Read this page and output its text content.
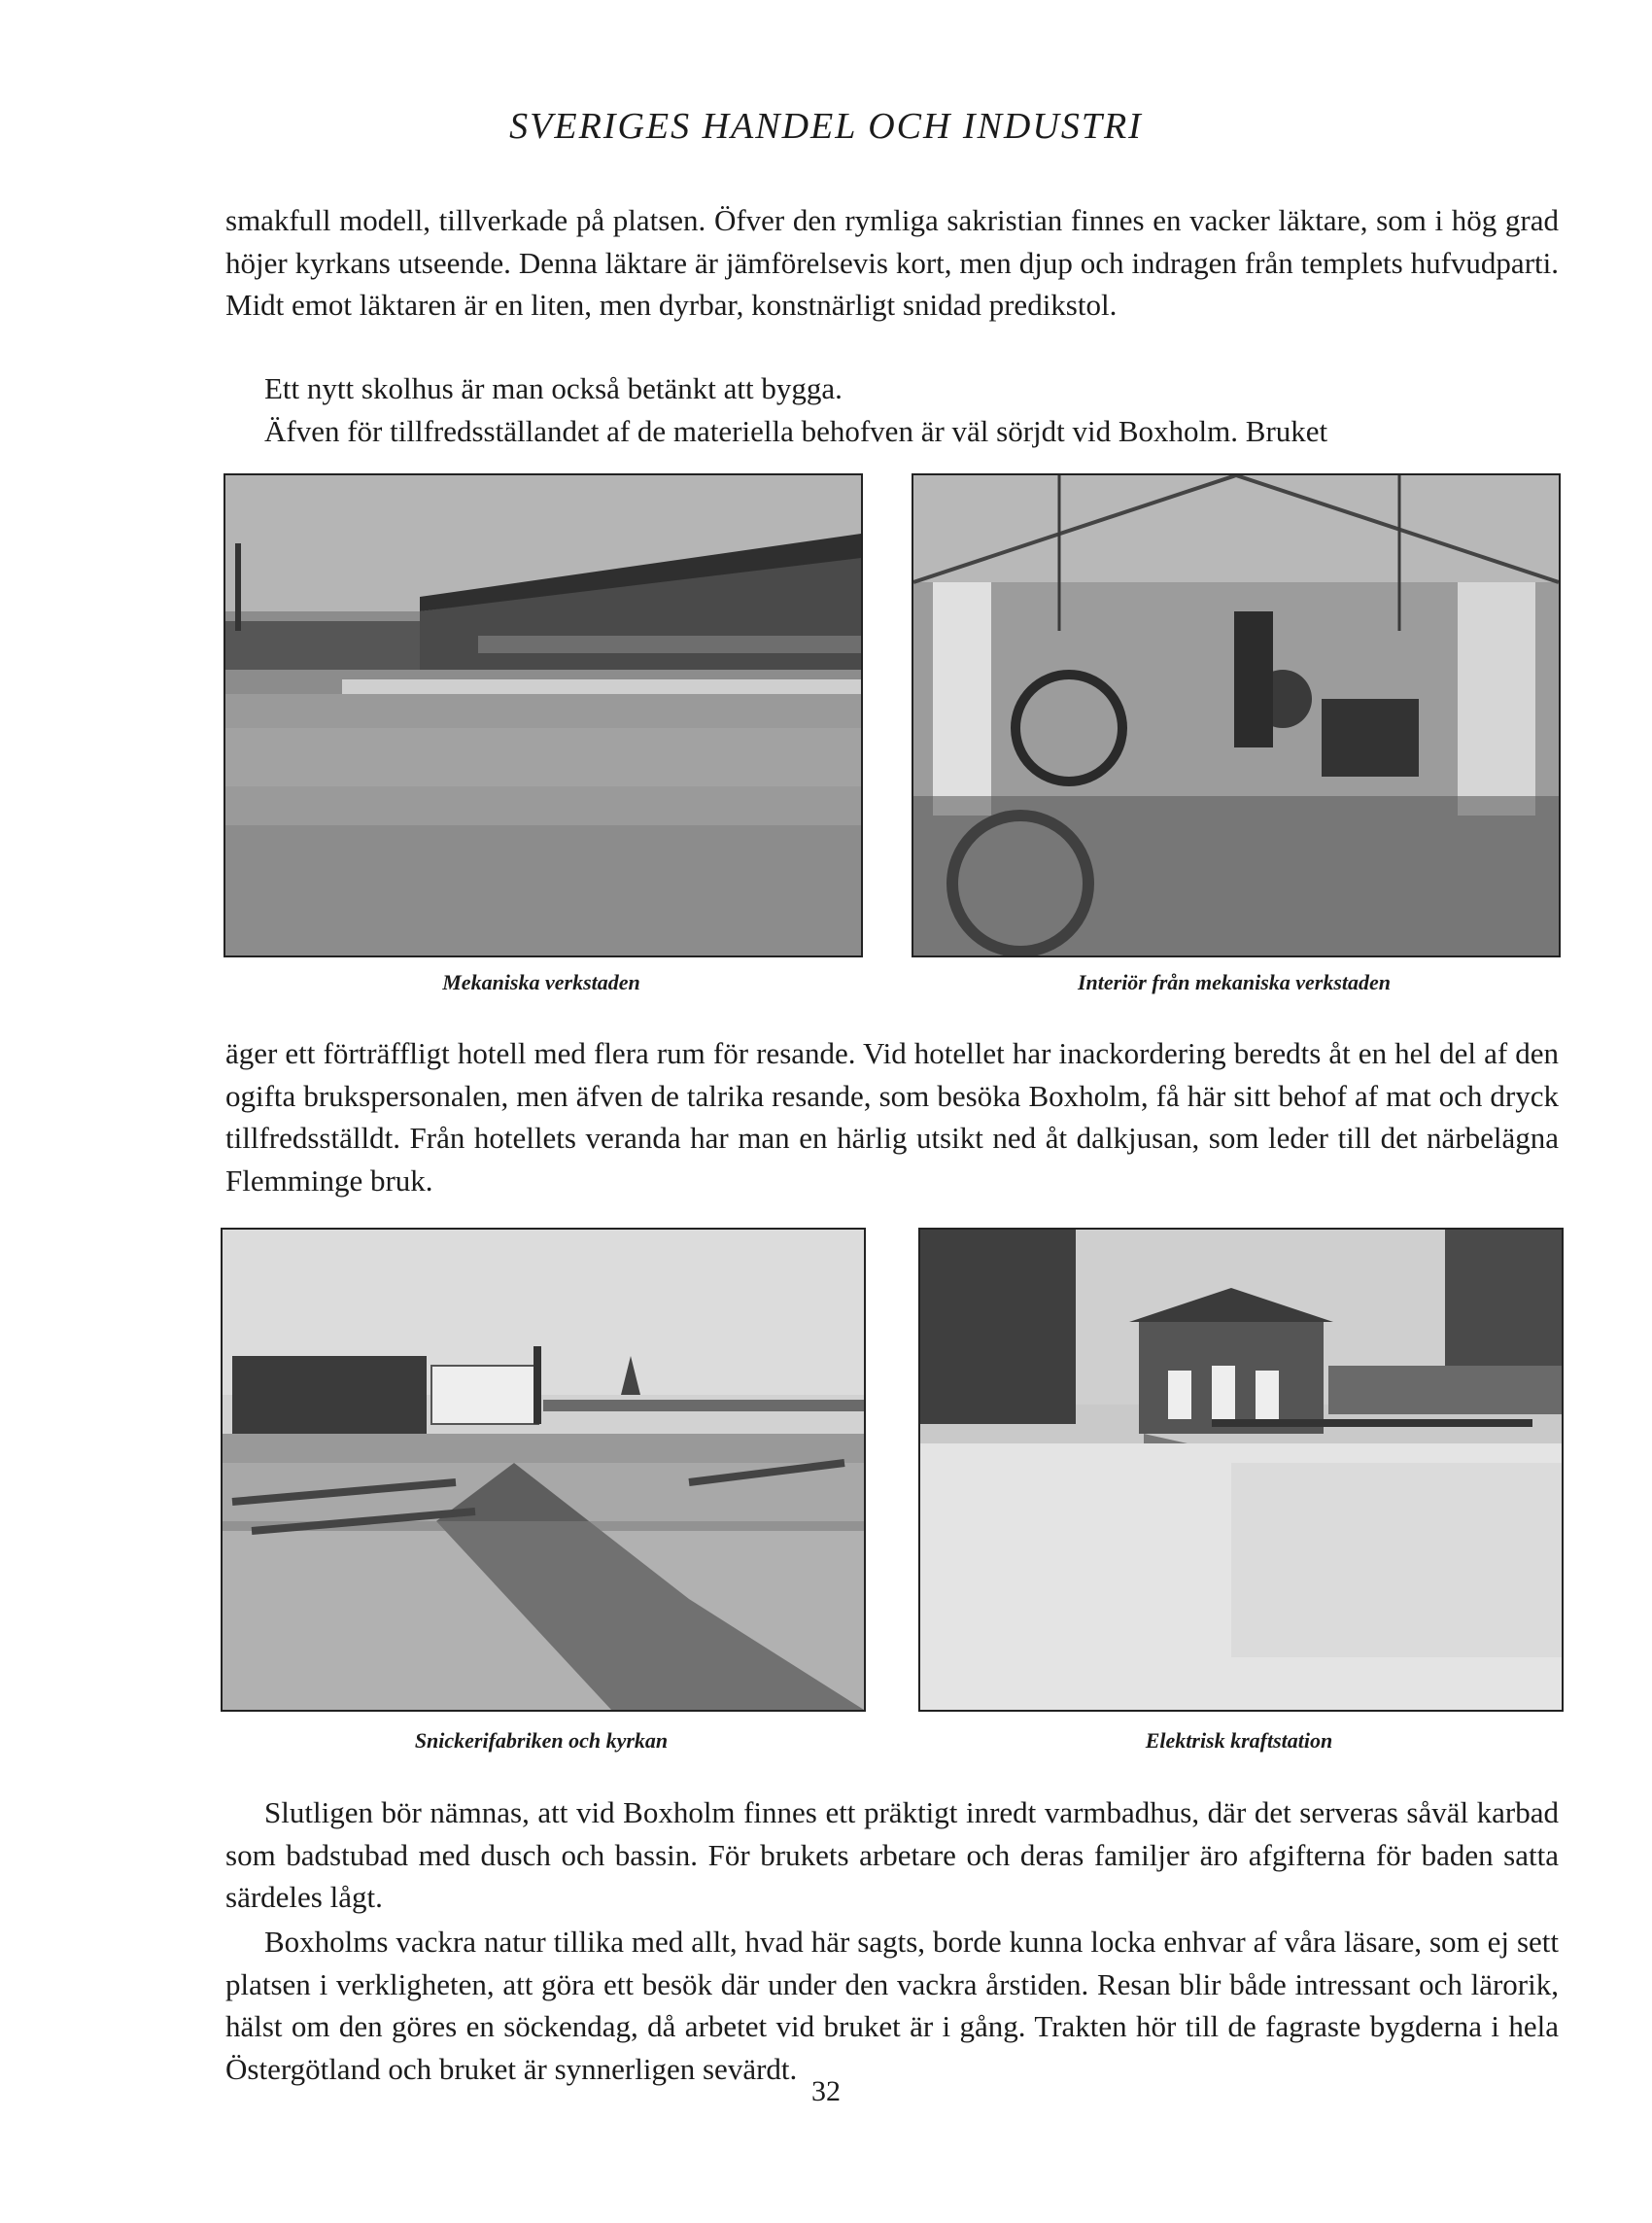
SVERIGES HANDEL OCH INDUSTRI

smakfull modell, tillverkade på platsen. Öfver den rymliga sakristian finnes en vacker läktare, som i hög grad höjer kyrkans utseende. Denna läktare är jämförelsevis kort, men djup och indragen från templets hufvudparti. Midt emot läktaren är en liten, men dyrbar, konstnärligt snidad predikstol.

Ett nytt skolhus är man också betänkt att bygga.

Äfven för tillfredsställandet af de materiella behofven är väl sörjdt vid Boxholm. Bruket

Mekaniska verkstaden	Interiör från mekaniska verkstaden

äger ett förträffligt hotell med flera rum för resande. Vid hotellet har inackordering beredts åt en hel del af den ogifta brukspersonalen, men äfven de talrika resande, som besöka Boxholm, få här sitt behof af mat och dryck tillfredsställdt. Från hotellets veranda har man en härlig utsikt ned åt dalkjusan, som leder till det närbelägna Flemminge bruk.

Snickerifabriken och kyrkan	Elektrisk kraftstation

Slutligen bör nämnas, att vid Boxholm finnes ett präktigt inredt varmbadhus, där det serveras såväl karbad som badstubad med dusch och bassin. För brukets arbetare och deras familjer äro afgifterna för baden satta särdeles lågt.

Boxholms vackra natur tillika med allt, hvad här sagts, borde kunna locka enhvar af våra läsare, som ej sett platsen i verkligheten, att göra ett besök där under den vackra årstiden. Resan blir både intressant och lärorik, hälst om den göres en söckendag, då arbetet vid bruket är i gång. Trakten hör till de fagraste bygderna i hela Östergötland och bruket är synnerligen sevärdt.

32
